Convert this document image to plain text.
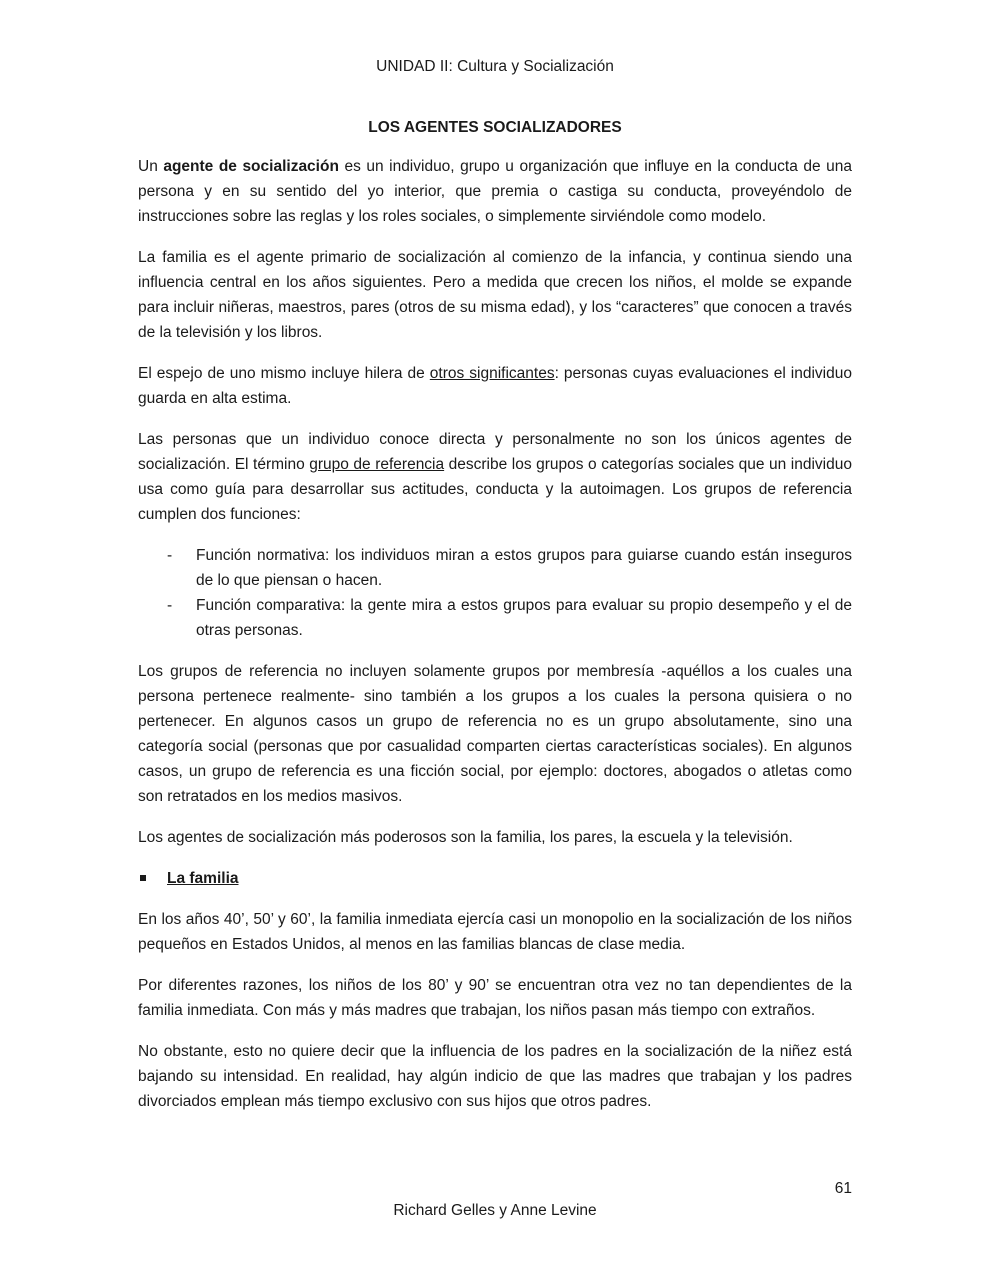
UNIDAD II: Cultura y Socialización
LOS AGENTES SOCIALIZADORES

Un agente de socialización es un individuo, grupo u organización que influye en la conducta de una persona y en su sentido del yo interior, que premia o castiga su conducta, proveyéndolo de instrucciones sobre las reglas y los roles sociales, o simplemente sirviéndole como modelo.

La familia es el agente primario de socialización al comienzo de la infancia, y continua siendo una influencia central en los años siguientes. Pero a medida que crecen los niños, el molde se expande para incluir niñeras, maestros, pares (otros de su misma edad), y los “caracteres” que conocen a través de la televisión y los libros.

El espejo de uno mismo incluye hilera de otros significantes: personas cuyas evaluaciones el individuo guarda en alta estima.

Las personas que un individuo conoce directa y personalmente no son los únicos agentes de socialización. El término grupo de referencia describe los grupos o categorías sociales que un individuo usa como guía para desarrollar sus actitudes, conducta y la autoimagen. Los grupos de referencia cumplen dos funciones:

- Función normativa: los individuos miran a estos grupos para guiarse cuando están inseguros de lo que piensan o hacen.
- Función comparativa: la gente mira a estos grupos para evaluar su propio desempeño y el de otras personas.

Los grupos de referencia no incluyen solamente grupos por membresía -aquéllos a los cuales una persona pertenece realmente- sino también a los grupos a los cuales la persona quisiera o no pertenecer. En algunos casos un grupo de referencia no es un grupo absolutamente, sino una categoría social (personas que por casualidad comparten ciertas características sociales). En algunos casos, un grupo de referencia es una ficción social, por ejemplo: doctores, abogados o atletas como son retratados en los medios masivos.

Los agentes de socialización más poderosos son la familia, los pares, la escuela y la televisión.

La familia

En los años 40’, 50’ y 60’, la familia inmediata ejercía casi un monopolio en la socialización de los niños pequeños en Estados Unidos, al menos en las familias blancas de clase media.

Por diferentes razones, los niños de los 80’ y 90’ se encuentran otra vez no tan dependientes de la familia inmediata. Con más y más madres que trabajan, los niños pasan más tiempo con extraños.

No obstante, esto no quiere decir que la influencia de los padres en la socialización de la niñez está bajando su intensidad. En realidad, hay algún indicio de que las madres que trabajan y los padres divorciados emplean más tiempo exclusivo con sus hijos que otros padres.

61
Richard Gelles y Anne Levine
